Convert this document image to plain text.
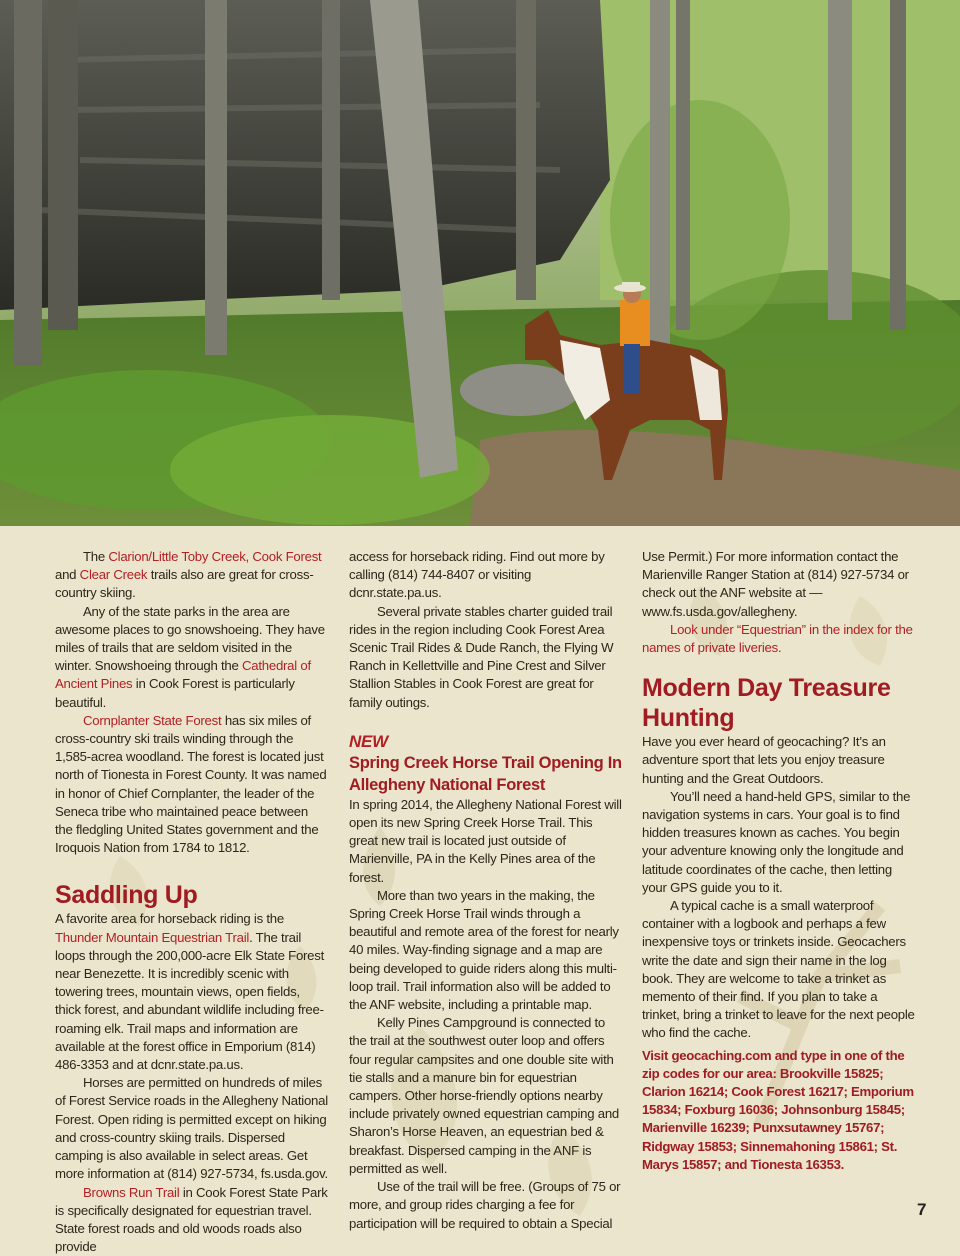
The Clarion/Little Toby Creek, Cook Forest and Clear Creek trails also are great for cross-country skiing.

Any of the state parks in the area are awesome places to go snowshoeing. They have miles of trails that are seldom visited in the winter. Snowshoeing through the Cathedral of Ancient Pines in Cook Forest is particularly beautiful.

Cornplanter State Forest has six miles of cross-country ski trails winding through the 1,585-acrea woodland. The forest is located just north of Tionesta in Forest County. It was named in honor of Chief Cornplanter, the leader of the Seneca tribe who maintained peace between the fledgling United States government and the Iroquois Nation from 1784 to 1812.

Saddling Up

A favorite area for horseback riding is the Thunder Mountain Equestrian Trail. The trail loops through the 200,000-acre Elk State Forest near Benezette. It is incredibly scenic with towering trees, mountain views, open fields, thick forest, and abundant wildlife including free-roaming elk. Trail maps and information are available at the forest office in Emporium (814) 486-3353 and at dcnr.state.pa.us.

Horses are permitted on hundreds of miles of Forest Service roads in the Allegheny National Forest. Open riding is permitted except on hiking and cross-country skiing trails. Dispersed camping is also available in select areas. Get more information at (814) 927-5734, fs.usda.gov.

Browns Run Trail in Cook Forest State Park is specifically designated for equestrian travel. State forest roads and old woods roads also provide

access for horseback riding. Find out more by calling (814) 744-8407 or visiting dcnr.state.pa.us.

Several private stables charter guided trail rides in the region including Cook Forest Area Scenic Trail Rides & Dude Ranch, the Flying W Ranch in Kellettville and Pine Crest and Silver Stallion Stables in Cook Forest are great for family outings.

NEW

Spring Creek Horse Trail Opening In Allegheny National Forest

In spring 2014, the Allegheny National Forest will open its new Spring Creek Horse Trail. This great new trail is located just outside of Marienville, PA in the Kelly Pines area of the forest.

More than two years in the making, the Spring Creek Horse Trail winds through a beautiful and remote area of the forest for nearly 40 miles. Way-finding signage and a map are being developed to guide riders along this multi-loop trail. Trail information also will be added to the ANF website, including a printable map.

Kelly Pines Campground is connected to the trail at the southwest outer loop and offers four regular campsites and one double site with tie stalls and a manure bin for equestrian campers. Other horse-friendly options nearby include privately owned equestrian camping and Sharon’s Horse Heaven, an equestrian bed & breakfast. Dispersed camping in the ANF is permitted as well.

Use of the trail will be free. (Groups of 75 or more, and group rides charging a fee for participation will be required to obtain a Special

Use Permit.) For more information contact the Marienville Ranger Station at (814) 927-5734 or check out the ANF website at — www.fs.usda.gov/allegheny.

Look under “Equestrian” in the index for the names of private liveries.

Modern Day Treasure Hunting

Have you ever heard of geocaching? It’s an adventure sport that lets you enjoy treasure hunting and the Great Outdoors.

You’ll need a hand-held GPS, similar to the navigation systems in cars. Your goal is to find hidden treasures known as caches. You begin your adventure knowing only the longitude and latitude coordinates of the cache, then letting your GPS guide you to it.

A typical cache is a small waterproof container with a logbook and perhaps a few inexpensive toys or trinkets inside. Geocachers write the date and sign their name in the log book. They are welcome to take a trinket as memento of their find. If you plan to take a trinket, bring a trinket to leave for the next people who find the cache.

Visit geocaching.com and type in one of the zip codes for our area: Brookville 15825; Clarion 16214; Cook Forest 16217; Emporium 15834; Foxburg 16036; Johnsonburg 15845; Marienville 16239; Punxsutawney 15767; Ridgway 15853; Sinnemahoning 15861; St. Marys 15857; and Tionesta 16353.

7
